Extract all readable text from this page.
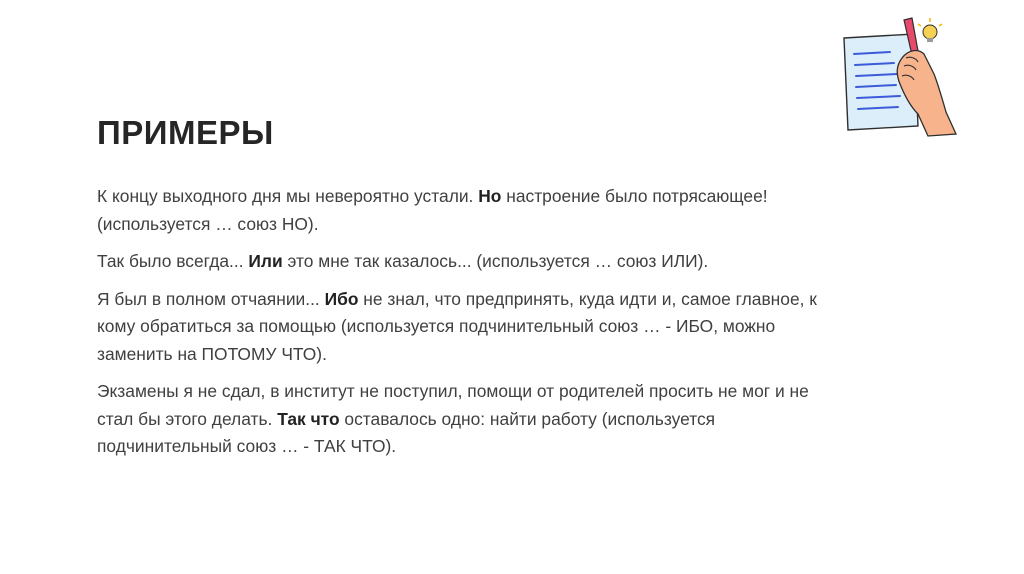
ПРИМЕРЫ

К концу выходного дня мы невероятно устали. Но настроение было потрясающее! (используется … союз НО).

Так было всегда... Или это мне так казалось... (используется … союз ИЛИ).

Я был в полном отчаянии... Ибо не знал, что предпринять, куда идти и, самое главное, к кому обратиться за помощью (используется подчинительный союз … - ИБО, можно заменить на ПОТОМУ ЧТО).

Экзамены я не сдал, в институт не поступил, помощи от родителей просить не мог и не стал бы этого делать. Так что оставалось одно: найти работу (используется подчинительный союз … - ТАК ЧТО).
